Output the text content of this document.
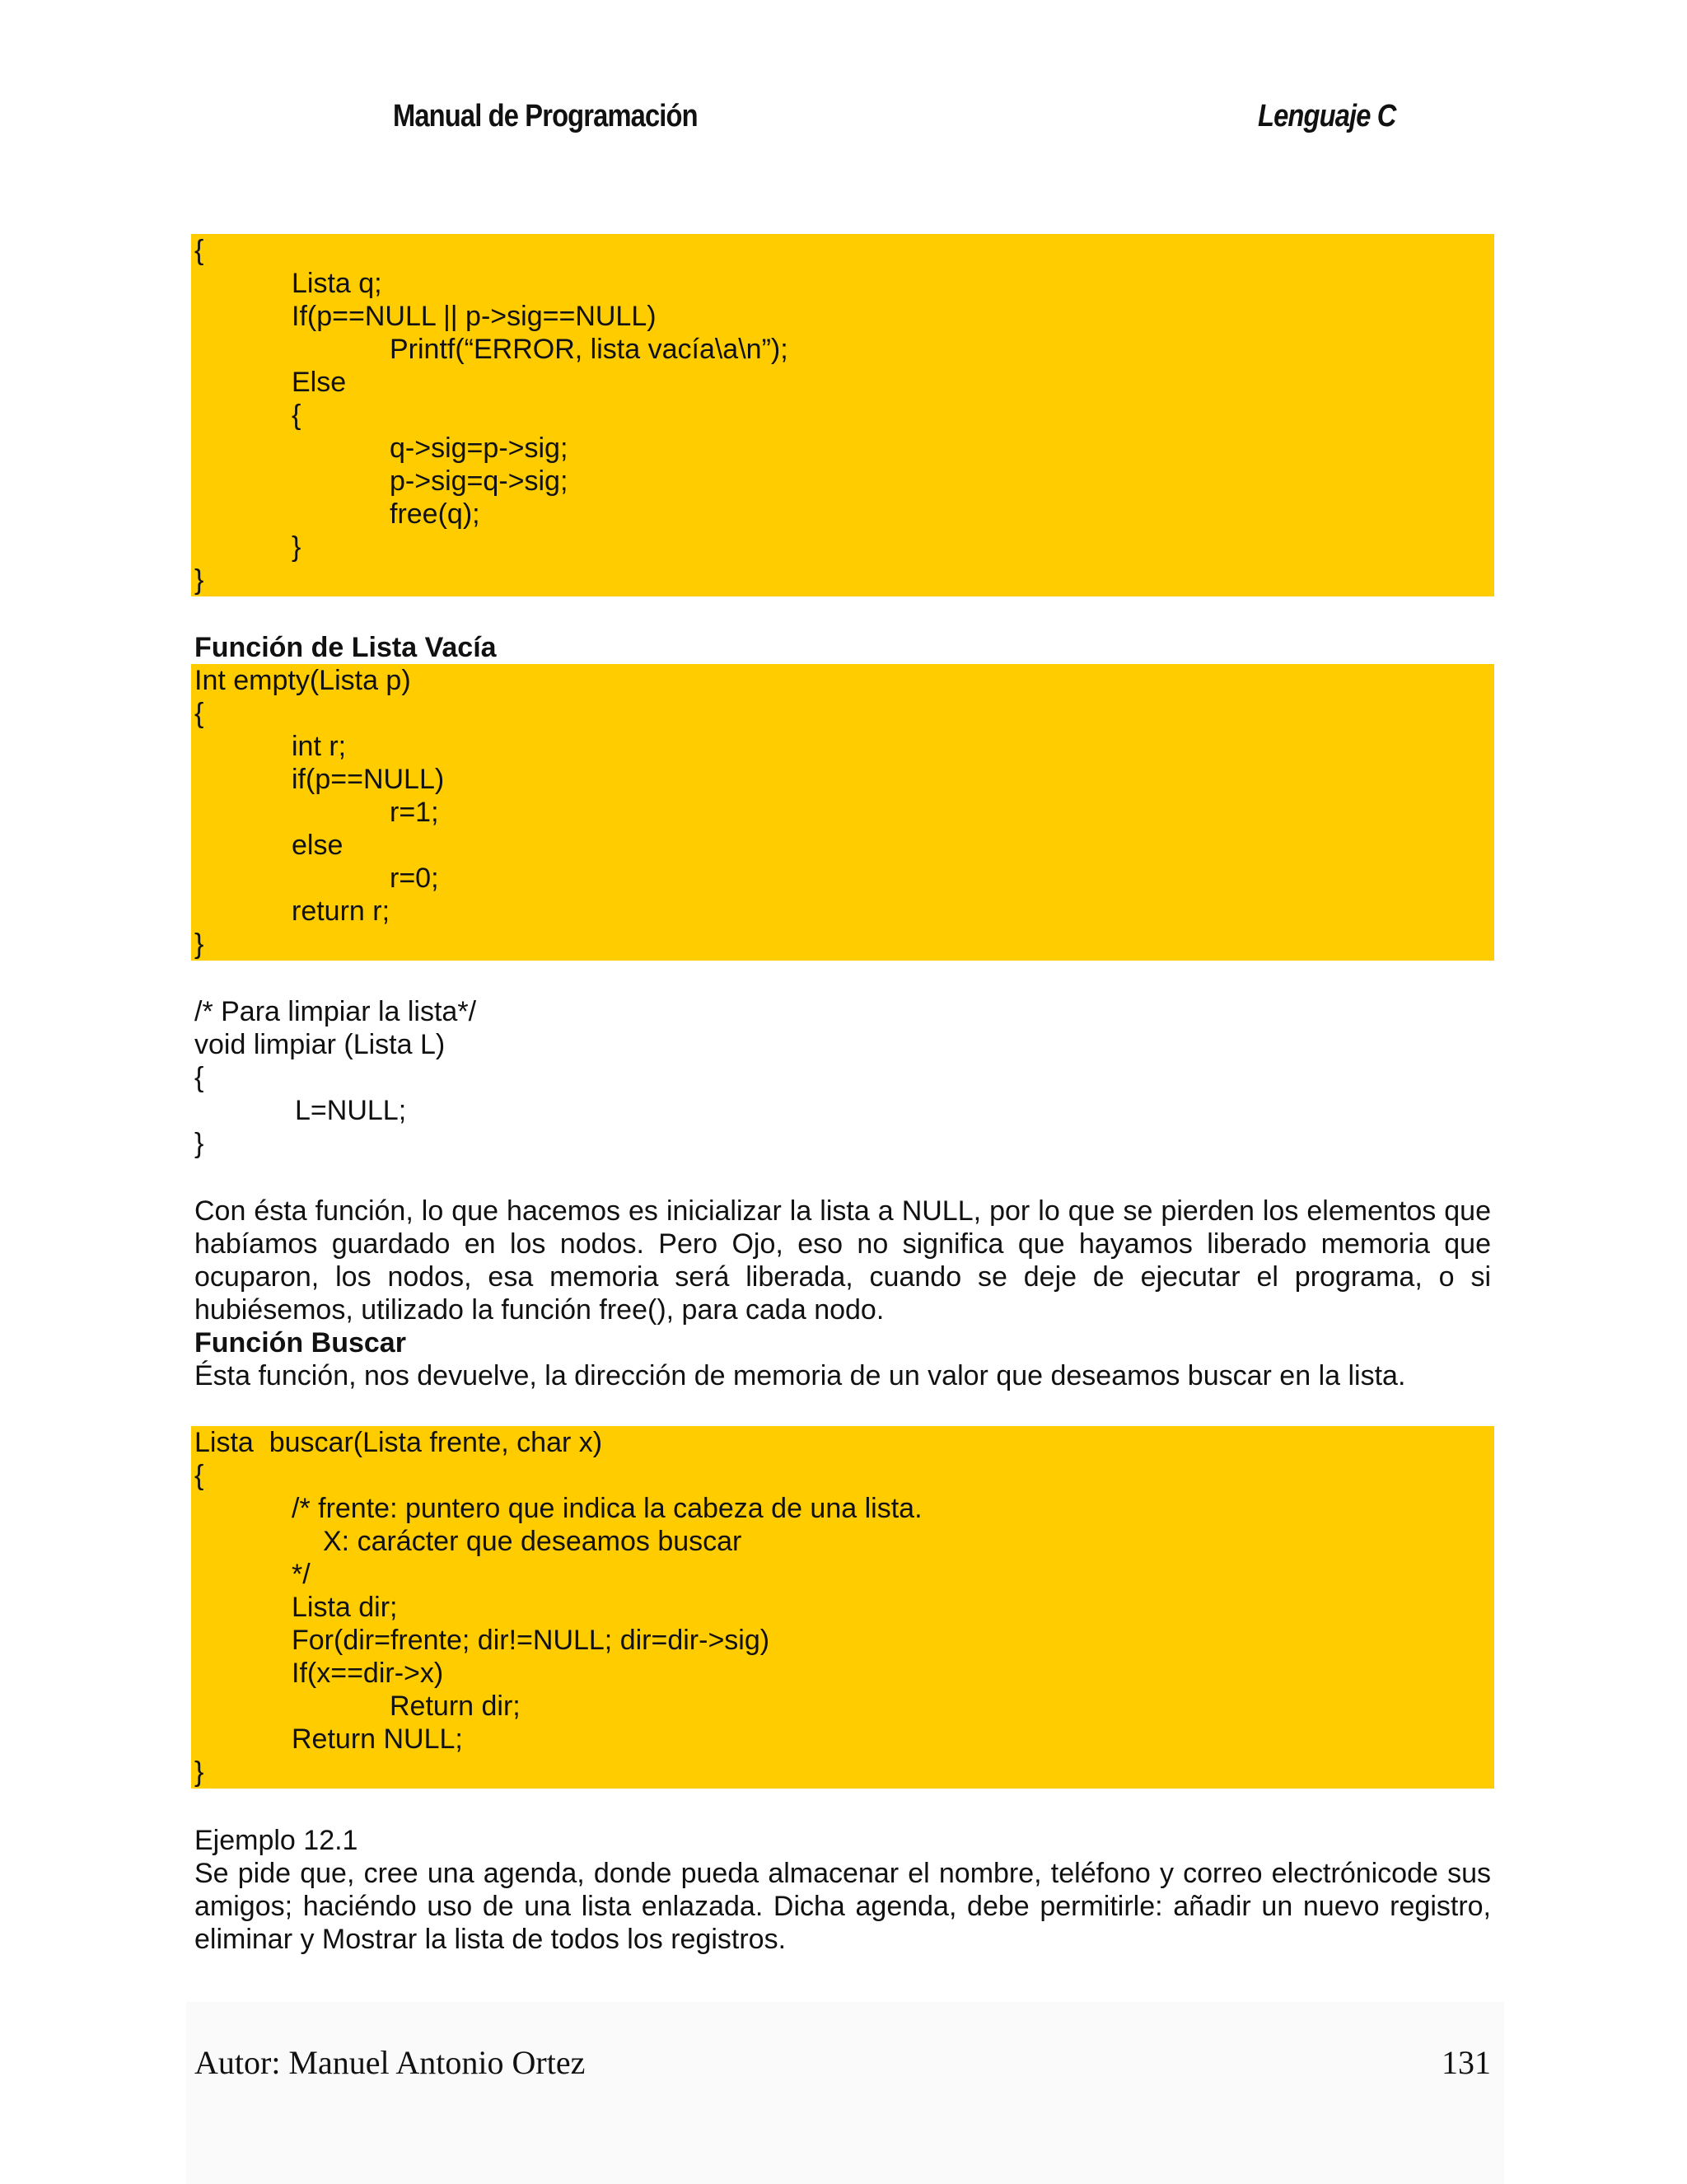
Manual de Programación	Lenguaje C
{
Lista q;
If(p==NULL || p->sig==NULL)
Printf(“ERROR, lista vacía\a\n”);
Else
{
q->sig=p->sig;
p->sig=q->sig;
free(q);
}
}
Función de Lista Vacía
Int empty(Lista p)
{
int r;
if(p==NULL)
r=1;
else
r=0;
return r;
}
/* Para limpiar la lista*/
void limpiar (Lista L)
{
L=NULL;
}
Con ésta función, lo que hacemos es inicializar la lista a NULL, por lo que se pierden los elementos que habíamos guardado en los nodos. Pero Ojo, eso no significa que hayamos liberado memoria que ocuparon, los nodos, esa memoria será liberada, cuando se deje de ejecutar el programa, o si hubiésemos, utilizado la función free(), para cada nodo.
Función Buscar
Ésta función, nos devuelve, la dirección de memoria de un valor que deseamos buscar en la lista.
Lista  buscar(Lista frente, char x)
{
/* frente: puntero que indica la cabeza de una lista.
X: carácter que deseamos buscar
*/
Lista dir;
For(dir=frente; dir!=NULL; dir=dir->sig)
If(x==dir->x)
Return dir;
Return NULL;
}
Ejemplo 12.1
Se pide que, cree una agenda, donde pueda almacenar el nombre, teléfono y correo electrónicode sus amigos; haciéndo uso de una lista enlazada. Dicha agenda, debe permitirle: añadir un nuevo registro, eliminar y Mostrar la lista de todos los registros.
Autor: Manuel Antonio Ortez	131
